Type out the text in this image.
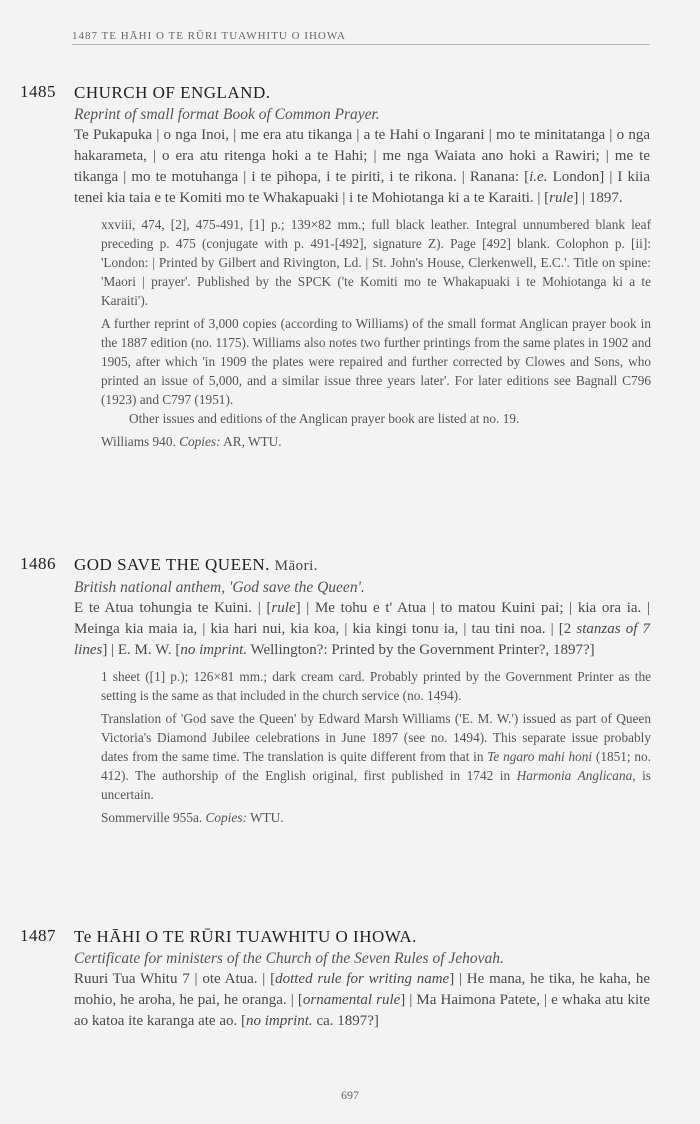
1487 TE HĀHI O TE RŪRI TUAWHITU O IHOWA
1485 CHURCH OF ENGLAND.
Reprint of small format Book of Common Prayer.
Te Pukapuka | o nga Inoi, | me era atu tikanga | a te Hahi o Ingarani | mo te minitatanga | o nga hakarameta, | o era atu ritenga hoki a te Hahi; | me nga Waiata ano hoki a Rawiri; | me te tikanga | mo te motuhanga | i te pihopa, i te piriti, i te rikona. | Ranana: [i.e. London] | I kiia tenei kia taia e te Komiti mo te Whakapuaki | i te Mohiotanga ki a te Karaiti. | [rule] | 1897.
xxviii, 474, [2], 475-491, [1] p.; 139×82 mm.; full black leather. Integral unnumbered blank leaf preceding p. 475 (conjugate with p. 491-[492], signature Z). Page [492] blank. Colophon p. [ii]: 'London: | Printed by Gilbert and Rivington, Ld. | St. John's House, Clerkenwell, E.C.'. Title on spine: 'Maori | prayer'. Published by the SPCK ('te Komiti mo te Whakapuaki i te Mohiotanga ki a te Karaiti').
A further reprint of 3,000 copies (according to Williams) of the small format Anglican prayer book in the 1887 edition (no. 1175). Williams also notes two further printings from the same plates in 1902 and 1905, after which 'in 1909 the plates were repaired and further corrected by Clowes and Sons, who printed an issue of 5,000, and a similar issue three years later'. For later editions see Bagnall C796 (1923) and C797 (1951).
Other issues and editions of the Anglican prayer book are listed at no. 19.
Williams 940. Copies: AR, WTU.
1486 GOD SAVE THE QUEEN. Māori.
British national anthem, 'God save the Queen'.
E te Atua tohungia te Kuini. | [rule] | Me tohu e t' Atua | to matou Kuini pai; | kia ora ia. | Meinga kia maia ia, | kia hari nui, kia koa, | kia kingi tonu ia, | tau tini noa. | [2 stanzas of 7 lines] | E. M. W. [no imprint. Wellington?: Printed by the Government Printer?, 1897?]
1 sheet ([1] p.); 126×81 mm.; dark cream card. Probably printed by the Government Printer as the setting is the same as that included in the church service (no. 1494).
Translation of 'God save the Queen' by Edward Marsh Williams ('E. M. W.') issued as part of Queen Victoria's Diamond Jubilee celebrations in June 1897 (see no. 1494). This separate issue probably dates from the same time. The translation is quite different from that in Te ngaro mahi honi (1851; no. 412). The authorship of the English original, first published in 1742 in Harmonia Anglicana, is uncertain.
Sommerville 955a. Copies: WTU.
1487 Te HĀHI O TE RŪRI TUAWHITU O IHOWA.
Certificate for ministers of the Church of the Seven Rules of Jehovah.
Ruuri Tua Whitu 7 | ote Atua. | [dotted rule for writing name] | He mana, he tika, he kaha, he mohio, he aroha, he pai, he oranga. | [ornamental rule] | Ma Haimona Patete, | e whaka atu kite ao katoa ite karanga ate ao. [no imprint. ca. 1897?]
697
